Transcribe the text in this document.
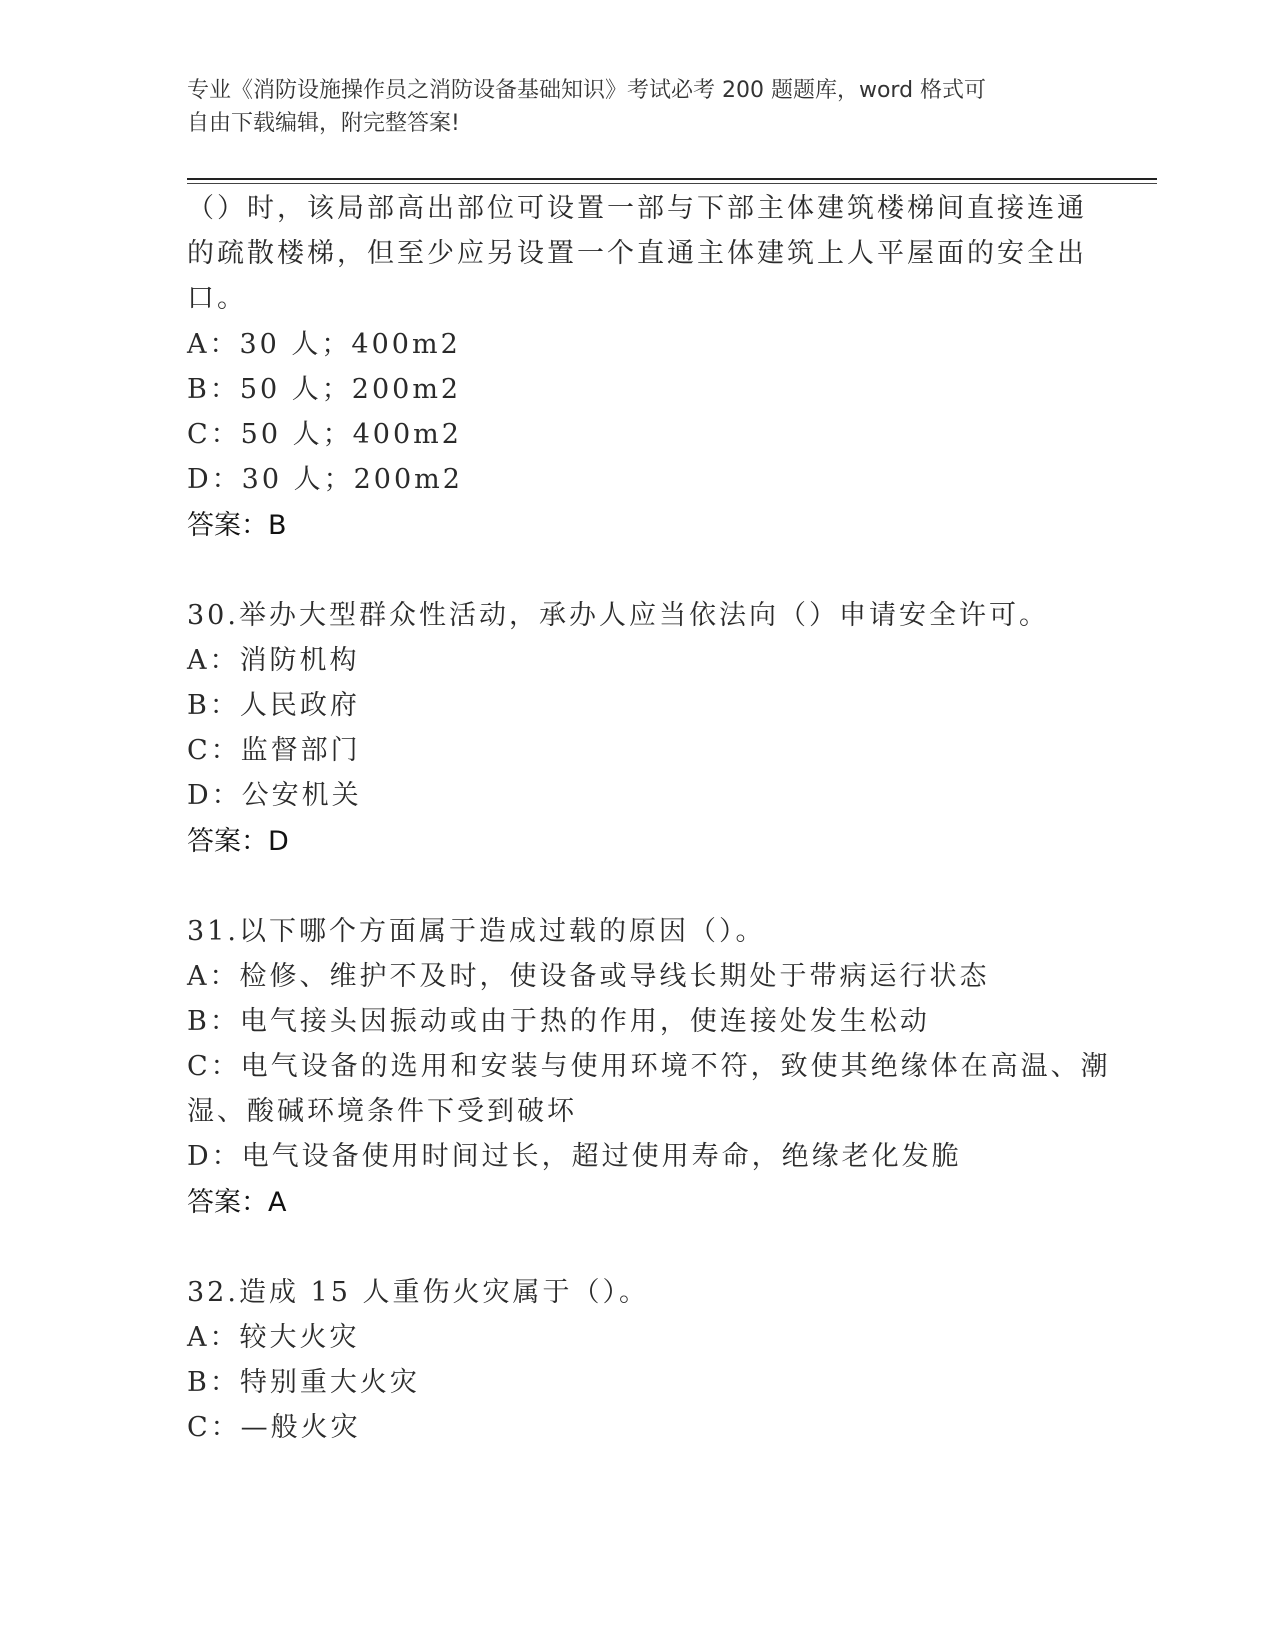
专业《消防设施操作员之消防设备基础知识》考试必考 200 题题库，word 格式可
自由下载编辑，附完整答案!
（）时，该局部高出部位可设置一部与下部主体建筑楼梯间直接连通
的疏散楼梯，但至少应另设置一个直通主体建筑上人平屋面的安全出
口。
A：30 人；400m2
B：50 人；200m2
C：50 人；400m2
D：30 人；200m2
答案：B
30.举办大型群众性活动，承办人应当依法向（）申请安全许可。
A：消防机构
B：人民政府
C：监督部门
D：公安机关
答案：D
31.以下哪个方面属于造成过载的原因（）。
A：检修、维护不及时，使设备或导线长期处于带病运行状态
B：电气接头因振动或由于热的作用，使连接处发生松动
C：电气设备的选用和安装与使用环境不符，致使其绝缘体在高温、潮
湿、酸碱环境条件下受到破坏
D：电气设备使用时间过长，超过使用寿命，绝缘老化发脆
答案：A
32.造成 15 人重伤火灾属于（）。
A：较大火灾
B：特别重大火灾
C：—般火灾
